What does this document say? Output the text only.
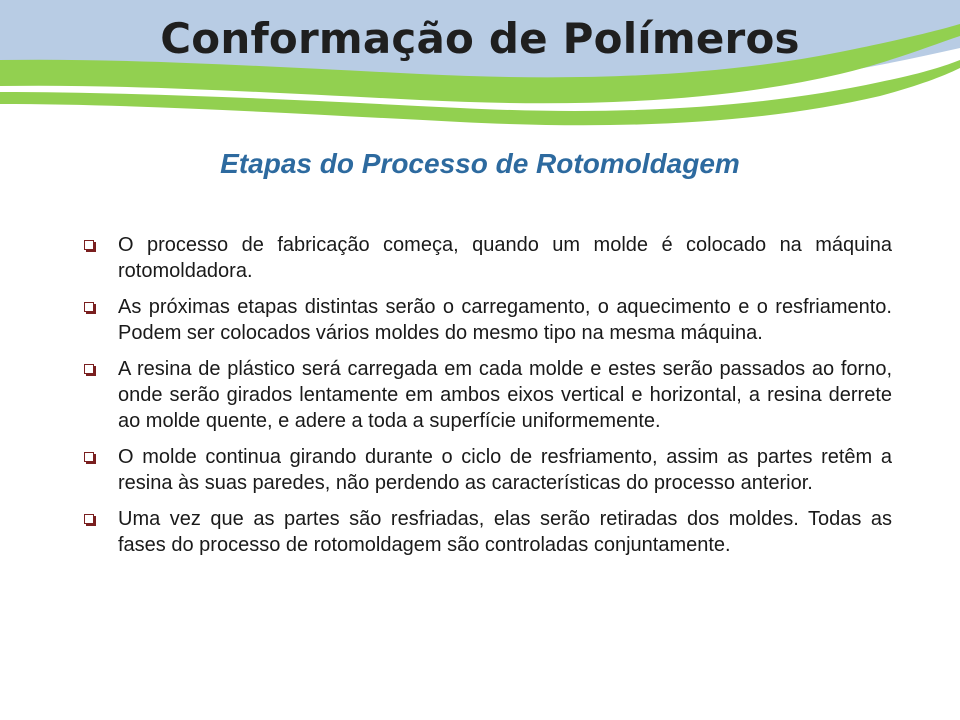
Conformação de Polímeros
Etapas do Processo de Rotomoldagem
O processo de fabricação começa, quando um molde é colocado na máquina rotomoldadora.
As próximas etapas distintas serão o carregamento, o aquecimento e o resfriamento. Podem ser colocados vários moldes do mesmo tipo na mesma máquina.
A resina de plástico será carregada em cada molde e estes serão passados ao forno, onde serão girados lentamente em ambos eixos vertical e horizontal, a resina derrete ao molde quente, e adere a toda a superfície uniformemente.
O molde continua girando durante o ciclo de resfriamento, assim as partes retêm a resina às suas paredes, não perdendo as características do processo anterior.
Uma vez que as partes são resfriadas, elas serão retiradas dos moldes. Todas as fases do processo de rotomoldagem são controladas conjuntamente.
